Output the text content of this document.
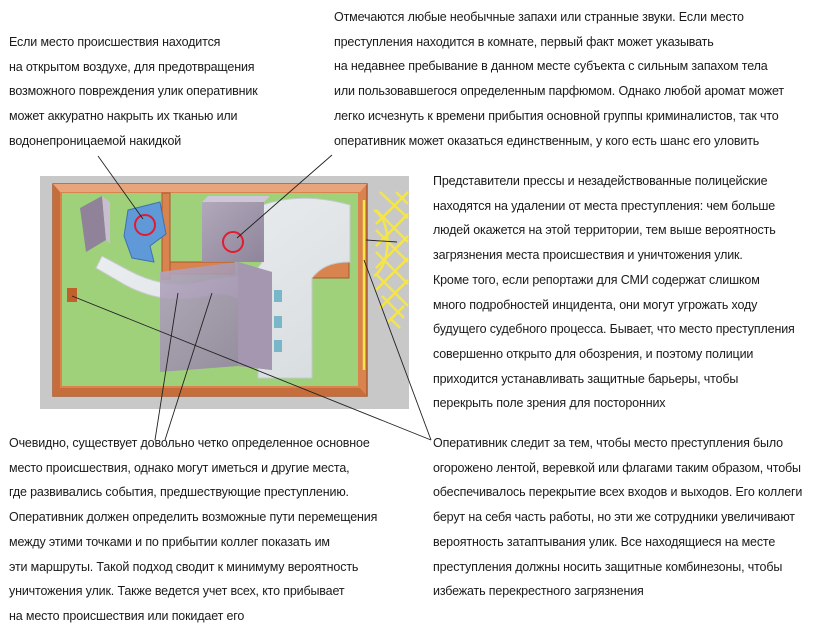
Если место происшествия находится
на открытом воздухе, для предотвращения
возможного повреждения улик оперативник
может аккуратно накрыть их тканью или
водонепроницаемой накидкой
Отмечаются любые необычные запахи или странные звуки. Если место
преступления находится в комнате, первый факт может указывать
на недавнее пребывание в данном месте субъекта с сильным запахом тела
или пользовавшегося определенным парфюмом. Однако любой аромат может
легко исчезнуть к времени прибытия основной группы криминалистов, так что
оперативник может оказаться единственным, у кого есть шанс его уловить
Представители прессы и незадействованные полицейские
находятся на удалении от места преступления: чем больше
людей окажется на этой территории, тем выше вероятность
загрязнения места происшествия и уничтожения улик.
Кроме того, если репортажи для СМИ содержат слишком
много подробностей инцидента, они могут угрожать ходу
будущего судебного процесса. Бывает, что место преступления
совершенно открыто для обозрения, и поэтому полиции
приходится устанавливать защитные барьеры, чтобы
перекрыть поле зрения для посторонних
Очевидно, существует довольно четко определенное основное
место происшествия, однако могут иметься и другие места,
где развивались события, предшествующие преступлению.
Оперативник должен определить возможные пути перемещения
между этими точками и по прибытии коллег показать им
эти маршруты. Такой подход сводит к минимуму вероятность
уничтожения улик. Также ведется учет всех, кто прибывает
на место происшествия или покидает его
Оперативник следит за тем, чтобы место преступления было
огорожено лентой, веревкой или флагами таким образом, чтобы
обеспечивалось перекрытие всех входов и выходов. Его коллеги
берут на себя часть работы, но эти же сотрудники увеличивают
вероятность затаптывания улик. Все находящиеся на месте
преступления должны носить защитные комбинезоны, чтобы
избежать перекрестного загрязнения
